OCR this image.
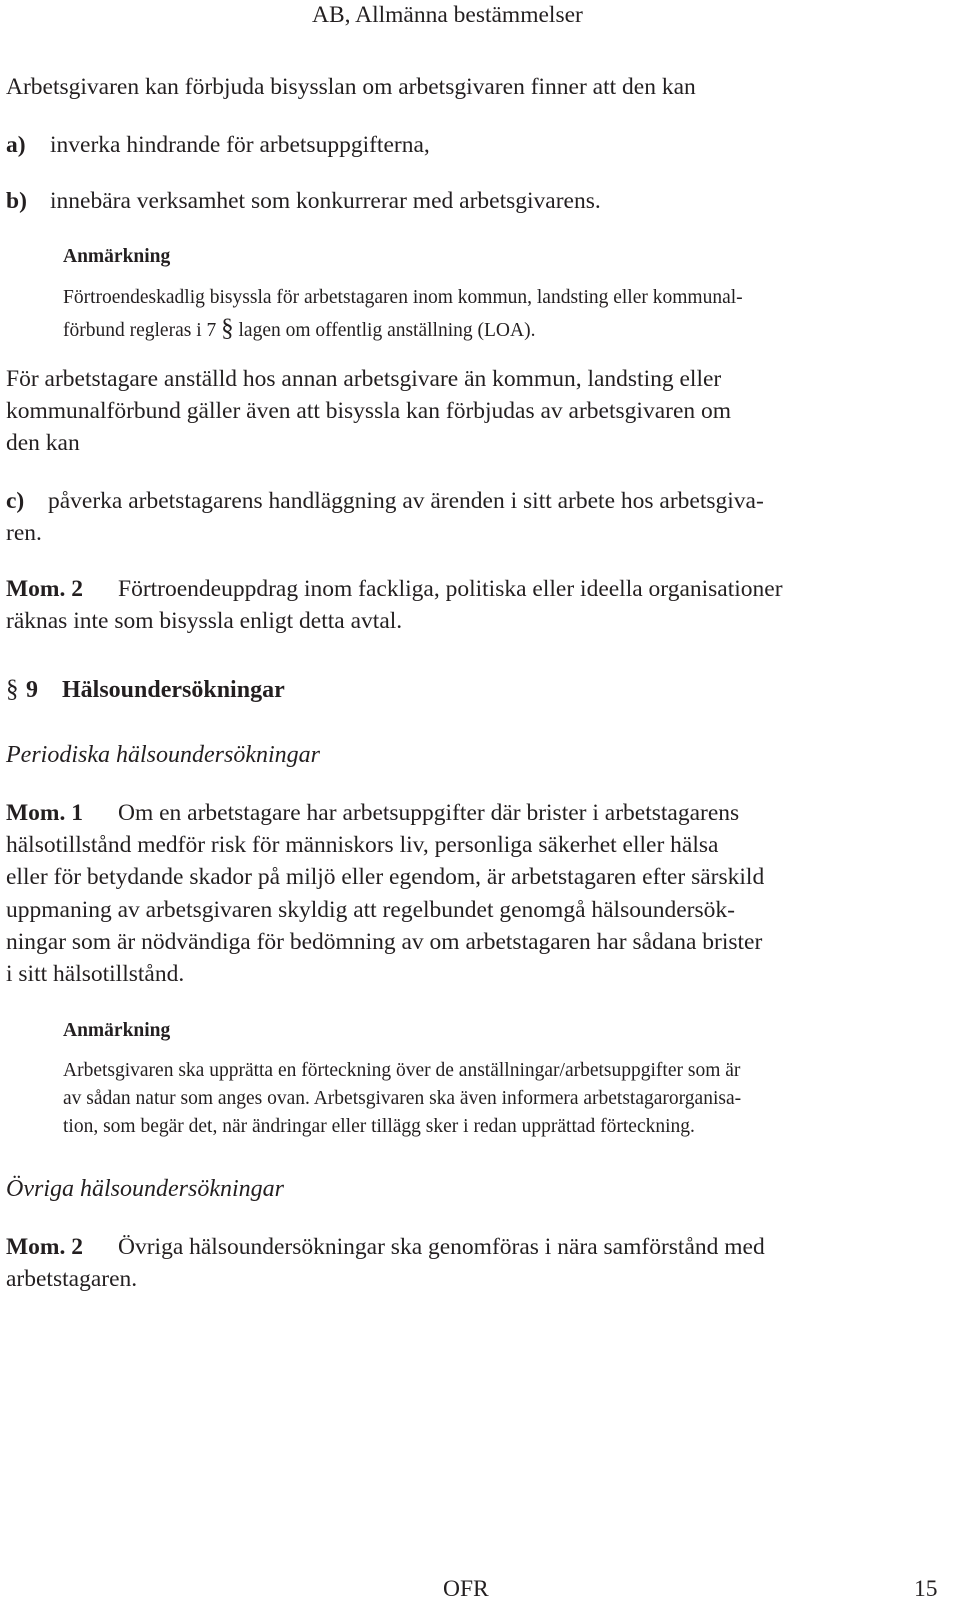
AB, Allmänna bestämmelser

Arbetsgivaren kan förbjuda bisysslan om arbetsgivaren finner att den kan

a) inverka hindrande för arbetsuppgifterna,

b) innebära verksamhet som konkurrerar med arbetsgivarens.

Anmärkning

Förtroendeskadlig bisyssla för arbetstagaren inom kommun, landsting eller kommunal-

förbund regleras i 7 § lagen om offentlig anställning (LOA).

För arbetstagare anställd hos annan arbetsgivare än kommun, landsting eller

kommunalförbund gäller även att bisyssla kan förbjudas av arbetsgivaren om

den kan

c) påverka arbetstagarens handläggning av ärenden i sitt arbete hos arbetsgiva-

ren.

Mom. 2 Förtroendeuppdrag inom fackliga, politiska eller ideella organisationer

räknas inte som bisyssla enligt detta avtal.

§ 9 Hälsoundersökningar

Periodiska hälsoundersökningar

Mom. 1 Om en arbetstagare har arbetsuppgifter där brister i arbetstagarens

hälsotillstånd medför risk för människors liv, personliga säkerhet eller hälsa

eller för betydande skador på miljö eller egendom, är arbetstagaren efter särskild

uppmaning av arbetsgivaren skyldig att regelbundet genomgå hälsoundersök-

ningar som är nödvändiga för bedömning av om arbetstagaren har sådana brister

i sitt hälsotillstånd.

Anmärkning

Arbetsgivaren ska upprätta en förteckning över de anställningar/arbetsuppgifter som är

av sådan natur som anges ovan. Arbetsgivaren ska även informera arbetstagarorganisa-

tion, som begär det, när ändringar eller tillägg sker i redan upprättad förteckning.

Övriga hälsoundersökningar

Mom. 2 Övriga hälsoundersökningar ska genomföras i nära samförstånd med

arbetstagaren.

OFR	15
